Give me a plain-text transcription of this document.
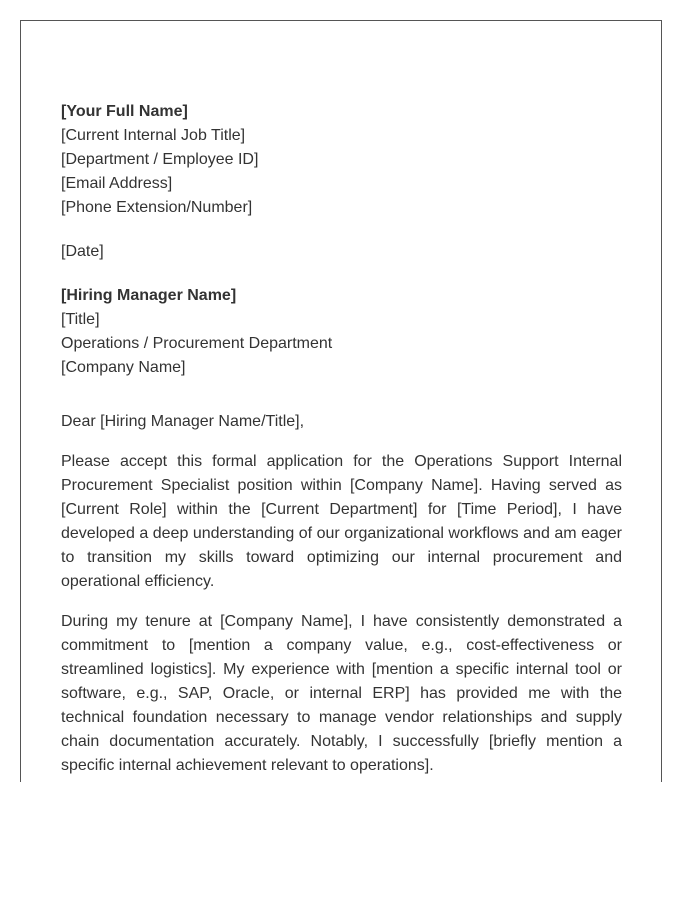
[Your Full Name]
[Current Internal Job Title]
[Department / Employee ID]
[Email Address]
[Phone Extension/Number]
[Date]
[Hiring Manager Name]
[Title]
Operations / Procurement Department
[Company Name]

Dear [Hiring Manager Name/Title],

Please accept this formal application for the Operations Support Internal Procurement Specialist position within [Company Name]. Having served as [Current Role] within the [Current Department] for [Time Period], I have developed a deep understanding of our organizational workflows and am eager to transition my skills toward optimizing our internal procurement and operational efficiency.

During my tenure at [Company Name], I have consistently demonstrated a commitment to [mention a company value, e.g., cost-effectiveness or streamlined logistics]. My experience with [mention a specific internal tool or software, e.g., SAP, Oracle, or internal ERP] has provided me with the technical foundation necessary to manage vendor relationships and supply chain documentation accurately. Notably, I successfully [briefly mention a specific internal achievement relevant to operations].
